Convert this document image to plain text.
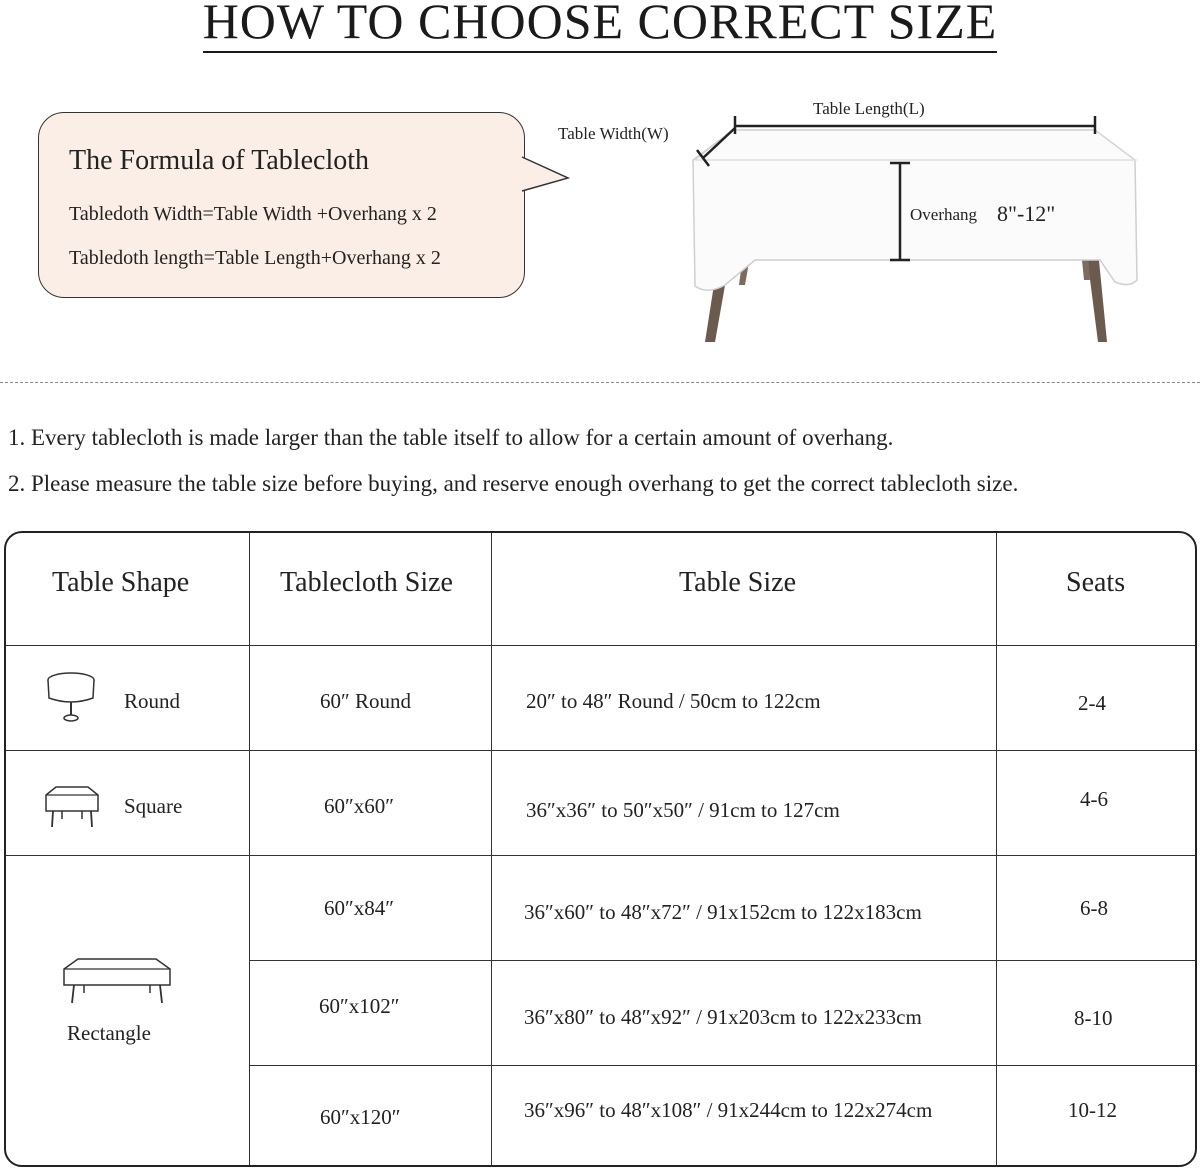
HOW TO CHOOSE CORRECT SIZE
The Formula of Tablecloth
Tabledoth Width=Table Width +Overhang x 2
Tabledoth length=Table Length+Overhang x 2
Table Length(L)
Table Width(W)
Overhang 8"-12"
1. Every tablecloth is made larger than the table itself to allow for a certain amount of overhang.
2. Please measure the table size before buying, and reserve enough overhang to get the correct tablecloth size.
Table Shape	Tablecloth Size	Table Size	Seats
Round	60″ Round	20″ to 48″ Round / 50cm to 122cm	2-4
Square	60″x60″	36″x36″ to 50″x50″ / 91cm to 127cm	4-6
Rectangle
60″x84″	36″x60″ to 48″x72″ / 91x152cm to 122x183cm	6-8
60″x102″	36″x80″ to 48″x92″ / 91x203cm to 122x233cm	8-10
60″x120″	36″x96″ to 48″x108″ / 91x244cm to 122x274cm	10-12
